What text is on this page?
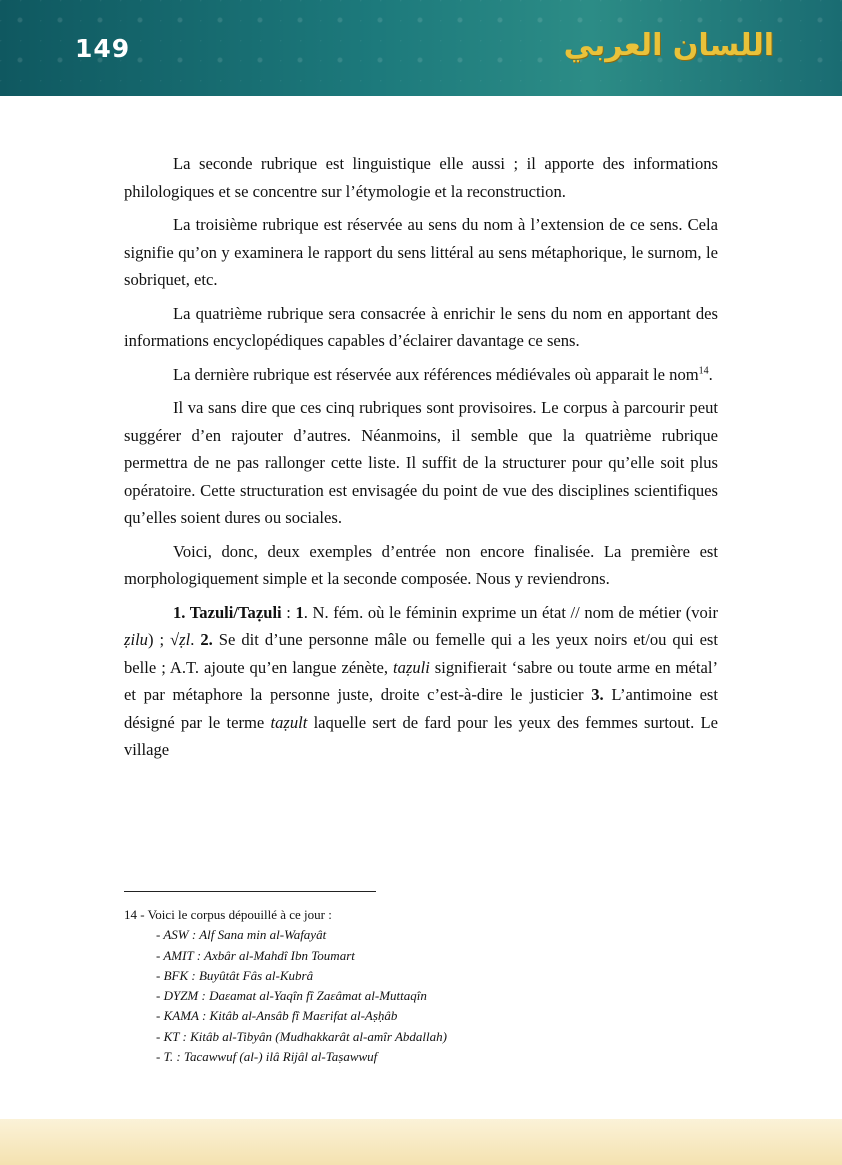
149	اللسان العربي

La seconde rubrique est linguistique elle aussi ; il apporte des informations philologiques et se concentre sur l’étymologie et la reconstruction.

La troisième rubrique est réservée au sens du nom à l’extension de ce sens. Cela signifie qu’on y examinera le rapport du sens littéral au sens métaphorique, le surnom, le sobriquet, etc.

La quatrième rubrique sera consacrée à enrichir le sens du nom en apportant des informations encyclopédiques capables d’éclairer davantage ce sens.

La dernière rubrique est réservée aux références médiévales où apparait le nom$^{14}$.

Il va sans dire que ces cinq rubriques sont provisoires. Le corpus à parcourir peut suggérer d’en rajouter d’autres. Néanmoins, il semble que la quatrième rubrique permettra de ne pas rallonger cette liste. Il suffit de la structurer pour qu’elle soit plus opératoire. Cette structuration est envisagée du point de vue des disciplines scientifiques qu’elles soient dures ou sociales.

Voici, donc, deux exemples d’entrée non encore finalisée. La première est morphologiquement simple et la seconde composée. Nous y reviendrons.

1. Tazuli/Taẓuli : 1. N. fém. où le féminin exprime un état // nom de métier (voir ẓilu) ; √ẓl. 2. Se dit d’une personne mâle ou femelle qui a les yeux noirs et/ou qui est belle ; A.T. ajoute qu’en langue zénète, taẓuli signifierait ‘sabre ou toute arme en métal’ et par métaphore la personne juste, droite c’est-à-dire le justicier 3. L’antimoine est désigné par le terme taẓult laquelle sert de fard pour les yeux des femmes surtout. Le village

14 - Voici le corpus dépouillé à ce jour :

- ASW : Alf Sana min al-Wafayât

- AMIT : Axbâr al-Mahdî Ibn Toumart

- BFK : Buyûtât Fâs al-Kubrâ

- DYZM : Daɛamat al-Yaqîn fî Zaɛâmat al-Muttaqîn

- KAMA : Kitâb al-Ansâb fî Maɛrifat al-Aṣḥâb

- KT : Kitâb al-Tibyân (Mudhakkarât al-amîr Abdallah)

- T. : Tacawwuf (al-) ilâ Rijâl al-Taṣawwuf
